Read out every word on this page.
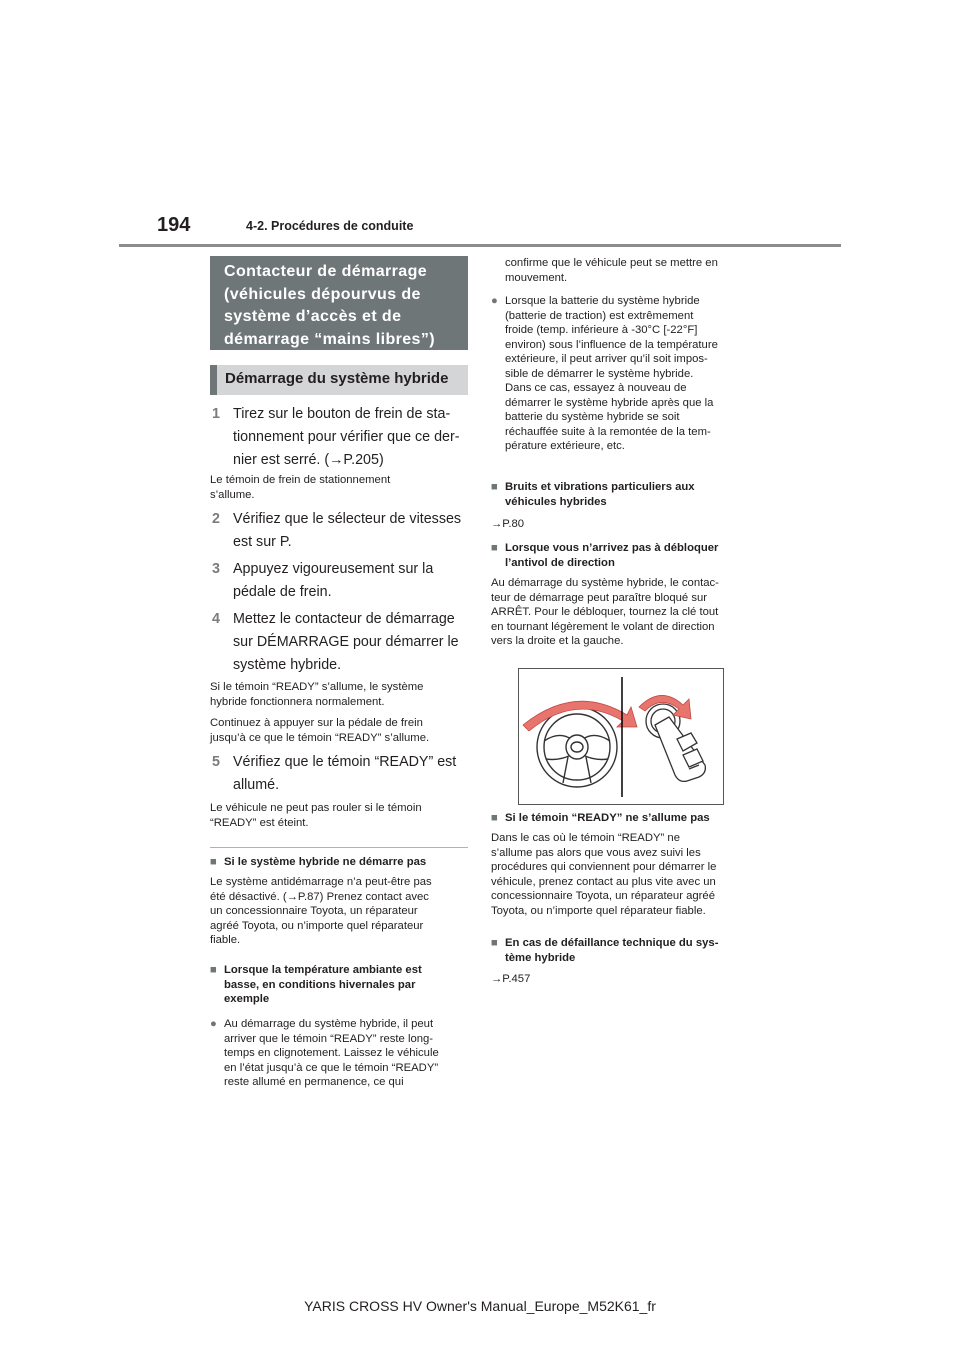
194	4-2. Procédures de conduite
Contacteur de démarrage
(véhicules dépourvus de
système d’accès et de
démarrage “mains libres”)
Démarrage du système hybride
1 Tirez sur le bouton de frein de sta-
tionnement pour vérifier que ce der-
nier est serré. (→P.205)
Le témoin de frein de stationnement
s’allume.
2 Vérifiez que le sélecteur de vitesses
est sur P.
3 Appuyez vigoureusement sur la
pédale de frein.
4 Mettez le contacteur de démarrage
sur DÉMARRAGE pour démarrer le
système hybride.
Si le témoin “READY” s’allume, le système
hybride fonctionnera normalement.
Continuez à appuyer sur la pédale de frein
jusqu’à ce que le témoin “READY” s’allume.
5 Vérifiez que le témoin “READY” est
allumé.
Le véhicule ne peut pas rouler si le témoin
“READY” est éteint.
■ Si le système hybride ne démarre pas
Le système antidémarrage n’a peut-être pas
été désactivé. (→P.87) Prenez contact avec
un concessionnaire Toyota, un réparateur
agréé Toyota, ou n’importe quel réparateur
fiable.
■ Lorsque la température ambiante est
basse, en conditions hivernales par
exemple
● Au démarrage du système hybride, il peut
arriver que le témoin “READY” reste long-
temps en clignotement. Laissez le véhicule
en l’état jusqu’à ce que le témoin “READY”
reste allumé en permanence, ce qui
confirme que le véhicule peut se mettre en
mouvement.
● Lorsque la batterie du système hybride
(batterie de traction) est extrêmement
froide (temp. inférieure à -30°C [-22°F]
environ) sous l’influence de la température
extérieure, il peut arriver qu’il soit impos-
sible de démarrer le système hybride.
Dans ce cas, essayez à nouveau de
démarrer le système hybride après que la
batterie du système hybride se soit
réchauffée suite à la remontée de la tem-
pérature extérieure, etc.
■ Bruits et vibrations particuliers aux
véhicules hybrides
→P.80
■ Lorsque vous n’arrivez pas à débloquer
l’antivol de direction
Au démarrage du système hybride, le contac-
teur de démarrage peut paraître bloqué sur
ARRÊT. Pour le débloquer, tournez la clé tout
en tournant légèrement le volant de direction
vers la droite et la gauche.
■ Si le témoin “READY” ne s’allume pas
Dans le cas où le témoin “READY” ne
s’allume pas alors que vous avez suivi les
procédures qui conviennent pour démarrer le
véhicule, prenez contact au plus vite avec un
concessionnaire Toyota, un réparateur agréé
Toyota, ou n’importe quel réparateur fiable.
■ En cas de défaillance technique du sys-
tème hybride
→P.457
YARIS CROSS HV Owner's Manual_Europe_M52K61_fr
